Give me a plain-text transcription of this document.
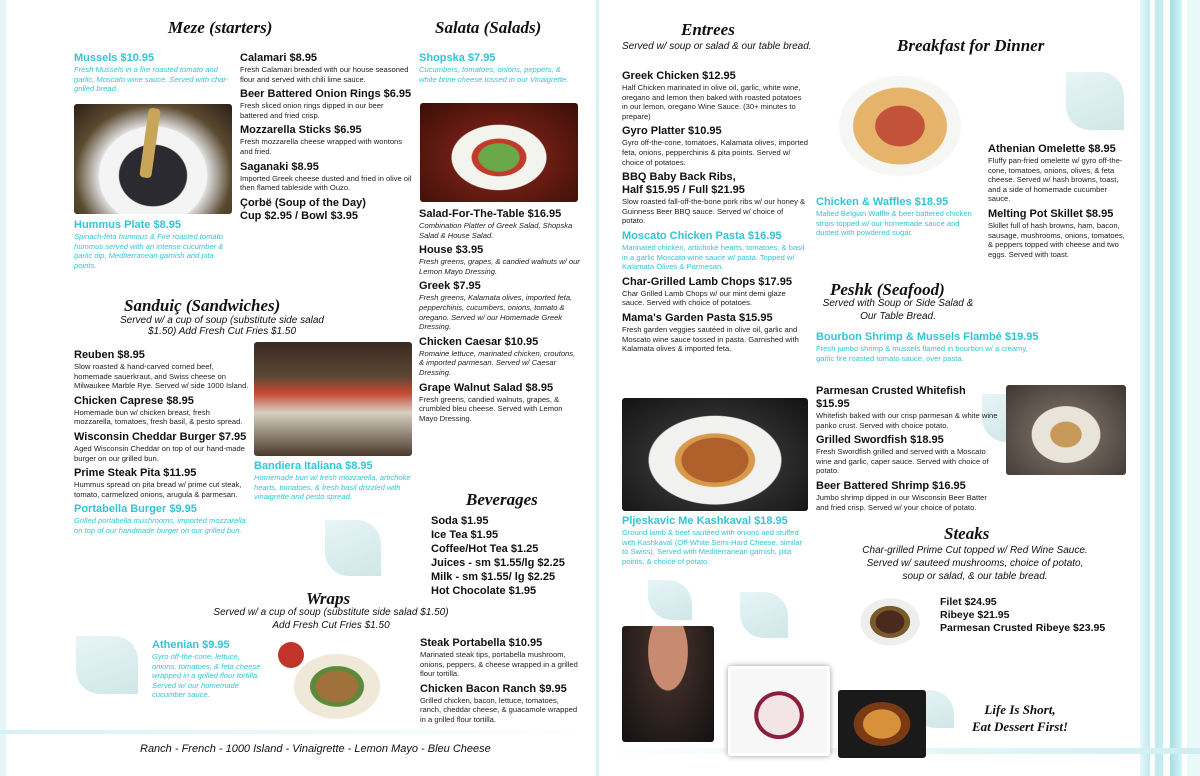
Meze (starters)
Mussels $10.95
Fresh Mussels in a fire roasted tomato and garlic, Moscato wine sauce. Served with char-grilled bread.
Hummus Plate $8.95
Spinach-feta hummus & Fire roasted tomato hummus served with an intense cucumber & garlic dip, Mediterranean garnish and pita points.
Calamari $8.95
Fresh Calamari breaded with our house seasoned flour and served with chili lime sauce.
Beer Battered Onion Rings $6.95
Fresh sliced onion rings dipped in our beer battered and fried crisp.
Mozzarella Sticks $6.95
Fresh mozzarella cheese wrapped with wontons and fried.
Saganaki $8.95
Imported Greek cheese dusted and fried in olive oil then flamed tableside with Ouzo.
Çorbë (Soup of the Day)
Cup $2.95 / Bowl $3.95
Salata (Salads)
Shopska $7.95
Cucumbers, tomatoes, onions, peppers, & white brine cheese tossed in our Vinaigrette.
Salad-For-The-Table $16.95
Combination Platter of Greek Salad, Shopska Salad & House Salad.
House $3.95
Fresh greens, grapes, & candied walnuts w/ our Lemon Mayo Dressing.
Greek $7.95
Fresh greens, Kalamata olives, imported feta, pepperchinis, cucumbers, onions, tomato & oregano. Served w/ our Homemade Greek Dressing.
Chicken Caesar $10.95
Romaine lettuce, marinated chicken, croutons, & imported parmesan. Served w/ Caesar Dressing.
Grape Walnut Salad $8.95
Fresh greens, candied walnuts, grapes, & crumbled bleu cheese. Served with Lemon Mayo Dressing.
Sanduiç (Sandwiches)
Served w/ a cup of soup (substitute side salad $1.50) Add Fresh Cut Fries $1.50
Reuben $8.95
Slow roasted & hand-carved corned beef, homemade sauerkraut, and Swiss cheese on Milwaukee Marble Rye. Served w/ side 1000 Island.
Chicken Caprese $8.95
Homemade bun w/ chicken breast, fresh mozzarella, tomatoes, fresh basil, & pesto spread.
Wisconsin Cheddar Burger $7.95
Aged Wisconsin Cheddar on top of our hand-made burger on our grilled bun.
Prime Steak Pita $11.95
Hummus spread on pita bread w/ prime cut steak, tomato, carmelized onions, arugula & parmesan.
Portabella Burger $9.95
Grilled portabella mushrooms, imported mozzarella on top of our handmade burger on our grilled bun.
Bandiera Italiana $8.95
Homemade bun w/ fresh mozzarella, artichoke hearts, tomatoes, & fresh basil drizzled with vinaigrette and pesto spread.	Beverages
Soda $1.95
Ice Tea $1.95
Coffee/Hot Tea $1.25
Juices - sm $1.55/lg $2.25
Milk - sm $1.55/ lg $2.25
Hot Chocolate $1.95
Wraps
Served w/ a cup of soup (substitute side salad $1.50)
Add Fresh Cut Fries $1.50
Athenian $9.95
Gyro off-the-cone, lettuce, onions, tomatoes, & feta cheese wrapped in a grilled flour tortilla. Served w/ our homemade cucumber sauce.
Steak Portabella $10.95
Marinated steak tips, portabella mushroom, onions, peppers, & cheese wrapped in a grilled flour tortilla.
Chicken Bacon Ranch $9.95
Grilled chicken, bacon, lettuce, tomatoes, ranch, cheddar cheese, & guacamole wrapped in a grilled flour tortilla.
Ranch - French - 1000 Island - Vinaigrette - Lemon Mayo - Bleu Cheese
Entrees
Served w/ soup or salad & our table bread.
Greek Chicken $12.95
Half Chicken marinated in olive oil, garlic, white wine, oregano and lemon then baked with roasted potatoes in our lemon, oregano Wine Sauce. (30+ minutes to prepare)
Gyro Platter $10.95
Gyro off-the-cone, tomatoes, Kalamata olives, imported feta, onions, pepperchinis & pita points. Served w/ choice of potatoes.
BBQ Baby Back Ribs,
Half $15.95 / Full $21.95
Slow roasted fall-off-the-bone pork ribs w/ our honey & Guinness Beer BBQ sauce. Served w/ choice of potato.
Moscato Chicken Pasta $16.95
Marinated chicken, artichoke hearts, tomatoes, & basil in a garlic Moscato wine sauce w/ pasta. Topped w/ Kalamata Olives & Parmesan.
Char-Grilled Lamb Chops $17.95
Char Grilled Lamb Chops w/ our mint demi glaze sauce. Served with choice of potatoes.
Mama's Garden Pasta $15.95
Fresh garden veggies sautéed in olive oil, garlic and Moscato wine sauce tossed in pasta. Garnished with Kalamata olives & imported feta.
Pljeskavic Me Kashkaval $18.95
Ground lamb & beef sautéed with onions and stuffed with Kashkaval (Off-White Semi-Hard Cheese, similar to Swiss). Served with Mediterranean garnish, pita points, & choice of potato.
Breakfast for Dinner
Chicken & Waffles $18.95
Malted Belgian Waffle & beer battered chicken strips topped w/ our homemade sauce and dusted with powdered sugar.
Athenian Omelette $8.95
Fluffy pan-fried omelette w/ gyro off-the-cone, tomatoes, onions, olives, & feta cheese. Served w/ hash browns, toast, and a side of homemade cucumber sauce.
Melting Pot Skillet $8.95
Skillet full of hash browns, ham, bacon, sausage, mushrooms, onions, tomatoes, & peppers topped with cheese and two eggs. Served with toast.
Peshk (Seafood)
Served with Soup or Side Salad &
Our Table Bread.
Bourbon Shrimp & Mussels Flambé $19.95
Fresh jumbo shrimp & mussels flamed in bourbon w/ a creamy, garlic fire roasted tomato sauce, over pasta.
Parmesan Crusted Whitefish $15.95
Whitefish baked with our crisp parmesan & white wine panko crust. Served with choice potato.
Grilled Swordfish $18.95
Fresh Swordfish grilled and served with a Moscato wine and garlic, caper sauce. Served with choice of potato.
Beer Battered Shrimp $16.95
Jumbo shrimp dipped in our Wisconsin Beer Batter and fried crisp. Served w/ your choice of potato.
Steaks
Char-grilled Prime Cut topped w/ Red Wine Sauce.
Served w/ sauteed mushrooms, choice of potato,
soup or salad, & our table bread.
Filet $24.95
Ribeye $21.95
Parmesan Crusted Ribeye $23.95
Life Is Short,
Eat Dessert First!
